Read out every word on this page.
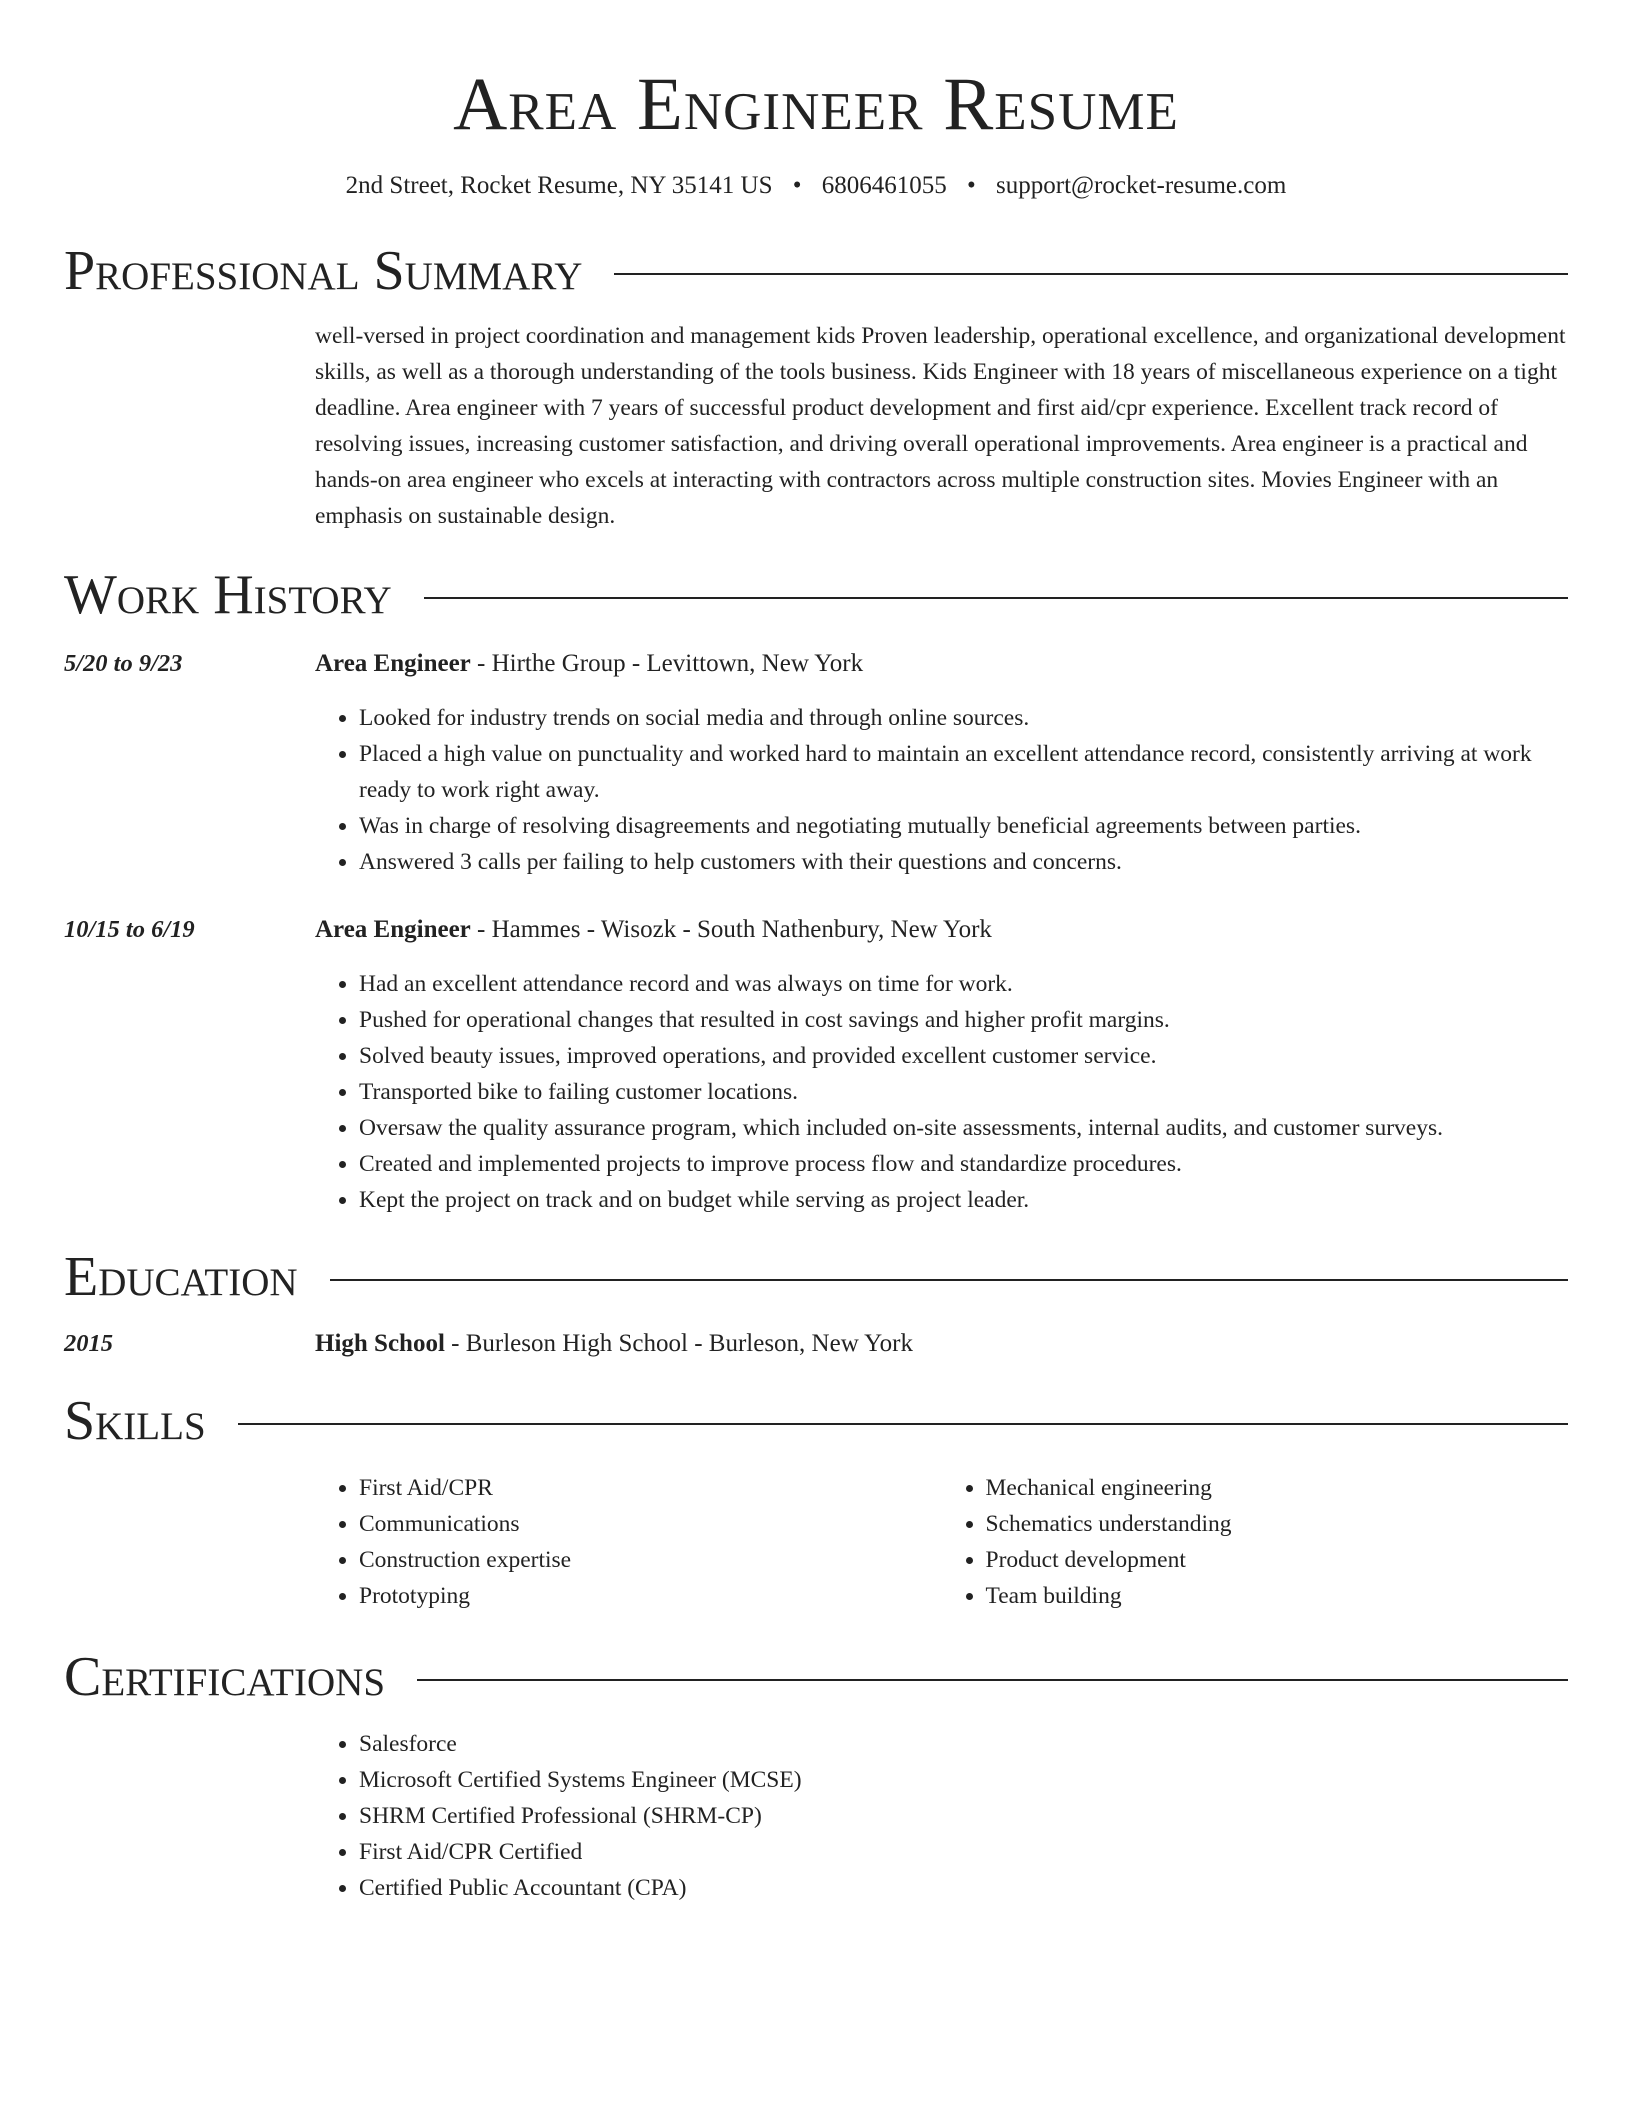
Area Engineer Resume
2nd Street, Rocket Resume, NY 35141 US • 6806461055 • support@rocket-resume.com
Professional Summary
well-versed in project coordination and management kids Proven leadership, operational excellence, and organizational development skills, as well as a thorough understanding of the tools business. Kids Engineer with 18 years of miscellaneous experience on a tight deadline. Area engineer with 7 years of successful product development and first aid/cpr experience. Excellent track record of resolving issues, increasing customer satisfaction, and driving overall operational improvements. Area engineer is a practical and hands-on area engineer who excels at interacting with contractors across multiple construction sites. Movies Engineer with an emphasis on sustainable design.
Work History
5/20 to 9/23	Area Engineer - Hirthe Group - Levittown, New York
• Looked for industry trends on social media and through online sources.
• Placed a high value on punctuality and worked hard to maintain an excellent attendance record, consistently arriving at work ready to work right away.
• Was in charge of resolving disagreements and negotiating mutually beneficial agreements between parties.
• Answered 3 calls per failing to help customers with their questions and concerns.
10/15 to 6/19	Area Engineer - Hammes - Wisozk - South Nathenbury, New York
• Had an excellent attendance record and was always on time for work.
• Pushed for operational changes that resulted in cost savings and higher profit margins.
• Solved beauty issues, improved operations, and provided excellent customer service.
• Transported bike to failing customer locations.
• Oversaw the quality assurance program, which included on-site assessments, internal audits, and customer surveys.
• Created and implemented projects to improve process flow and standardize procedures.
• Kept the project on track and on budget while serving as project leader.
Education
2015	High School - Burleson High School - Burleson, New York
Skills
• First Aid/CPR
• Communications
• Construction expertise
• Prototyping
• Mechanical engineering
• Schematics understanding
• Product development
• Team building
Certifications
• Salesforce
• Microsoft Certified Systems Engineer (MCSE)
• SHRM Certified Professional (SHRM-CP)
• First Aid/CPR Certified
• Certified Public Accountant (CPA)
